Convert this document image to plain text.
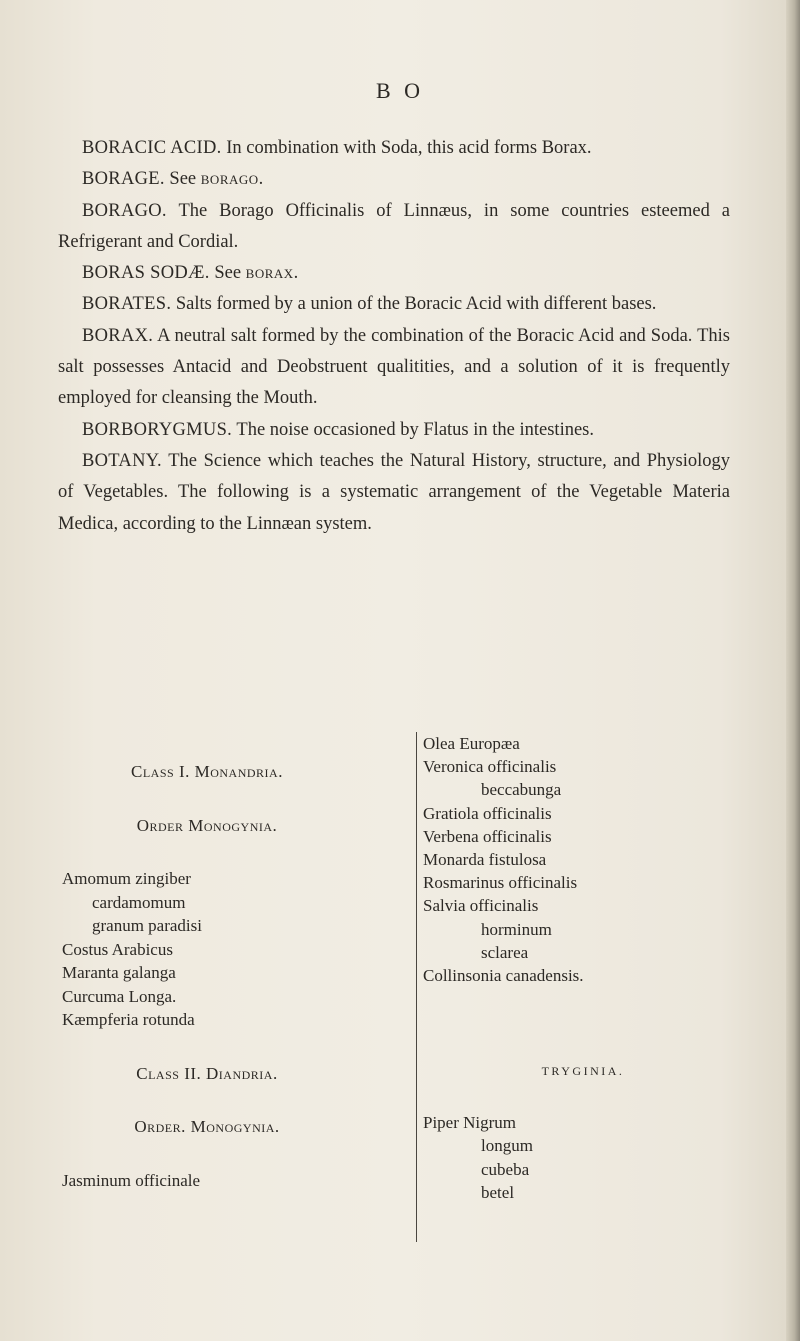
B O

BORACIC ACID. In combination with Soda, this acid forms Borax.

BORAGE. See borago.

BORAGO. The Borago Officinalis of Linnæus, in some countries esteemed a Refrigerant and Cordial.

BORAS SODÆ. See borax.

BORATES. Salts formed by a union of the Boracic Acid with different bases.

BORAX. A neutral salt formed by the combination of the Boracic Acid and Soda. This salt possesses Antacid and Deobstruent qualitities, and a solution of it is frequently employed for cleansing the Mouth.

BORBORYGMUS. The noise occasioned by Flatus in the intestines.

BOTANY. The Science which teaches the Natural History, structure, and Physiology of Vegetables. The following is a systematic arrangement of the Vegetable Materia Medica, according to the Linnæan system.

Class I. Monandria.
Order Monogynia.
Amomum zingiber
cardamomum
granum paradisi
Costus Arabicus
Maranta galanga
Curcuma Longa.
Kæmpferia rotunda
Class II. Diandria.
Order. Monogynia.
Jasminum officinale
Olea Europæa
Veronica officinalis
beccabunga
Gratiola officinalis
Verbena officinalis
Monarda fistulosa
Rosmarinus officinalis
Salvia officinalis
horminum
sclarea
Collinsonia canadensis.
TRYGINIA.
Piper Nigrum
longum
cubeba
betel
